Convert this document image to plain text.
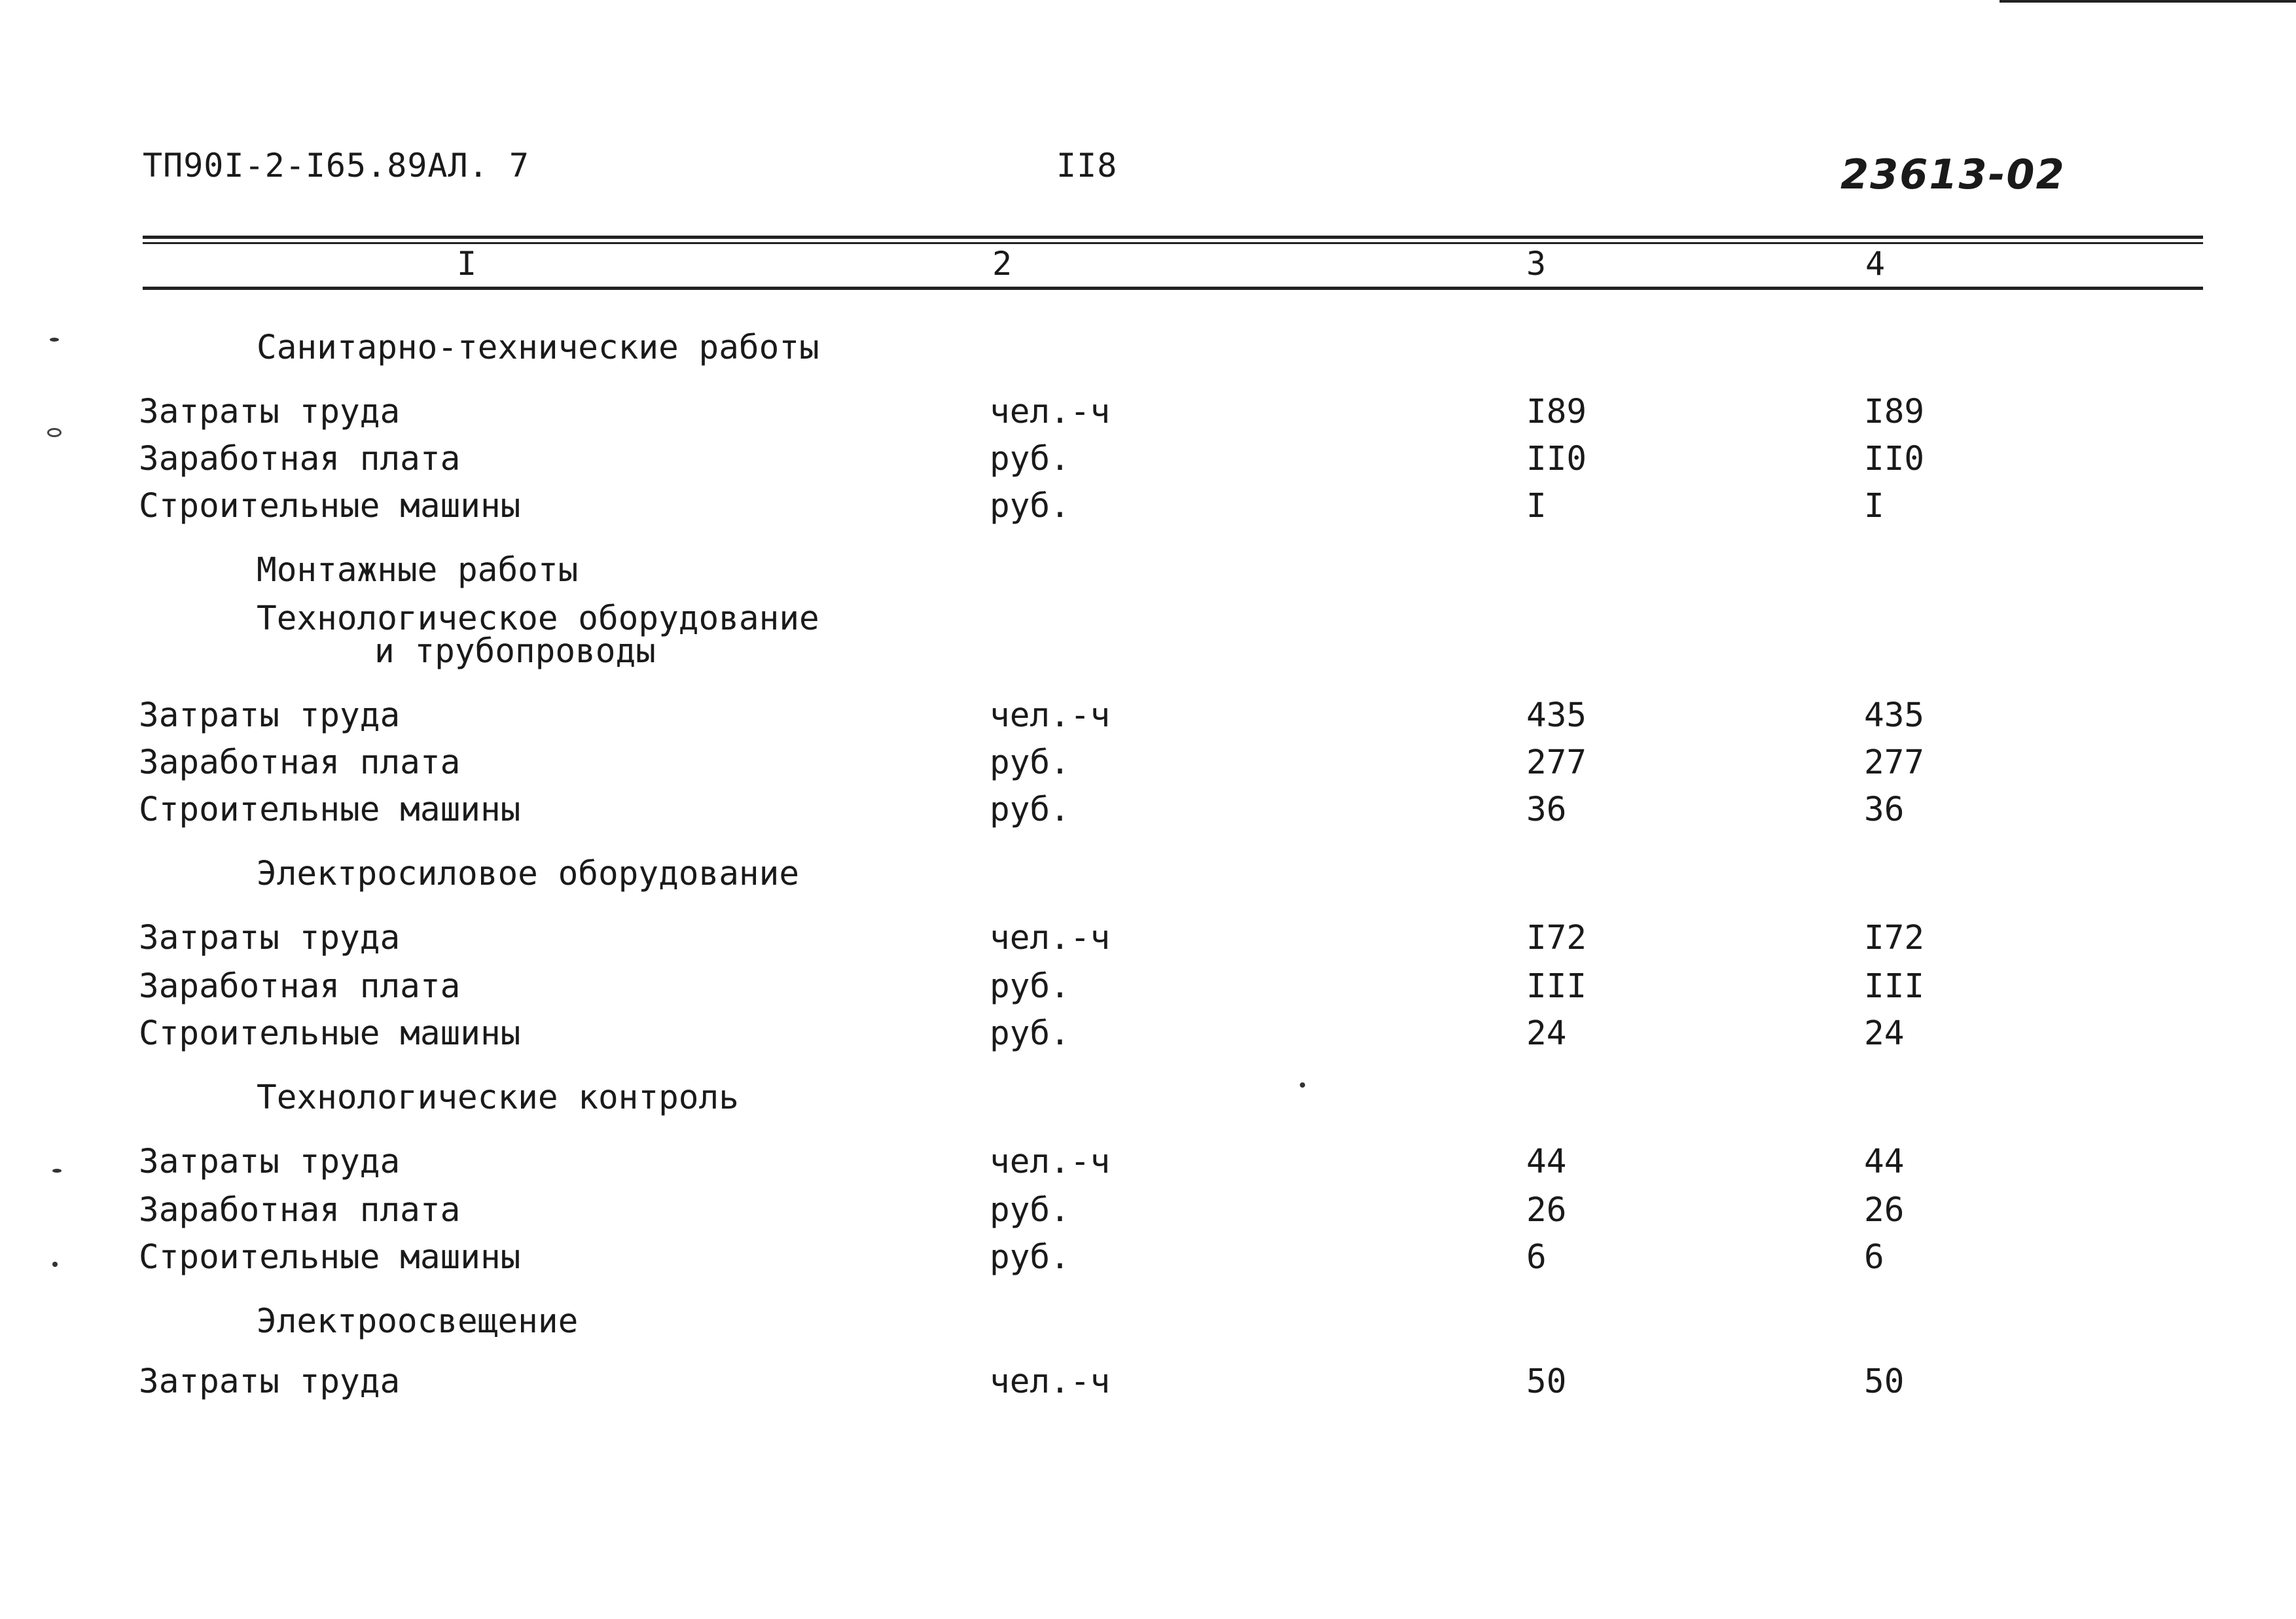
ТП90I-2-I65.89АЛ. 7	II8	23613-02
I	2	3	4
Санитарно-технические работы
Затраты труда	чел.-ч	I89	I89
Заработная плата	руб.	II0	II0
Строительные машины	руб.	I	I
Монтажные работы
Технологическое оборудование
и трубопроводы
Затраты труда	чел.-ч	435	435
Заработная плата	руб.	277	277
Строительные машины	руб.	36	36
Электросиловое оборудование
Затраты труда	чел.-ч	I72	I72
Заработная плата	руб.	III	III
Строительные машины	руб.	24	24
Технологические контроль
Затраты труда	чел.-ч	44	44
Заработная плата	руб.	26	26
Строительные машины	руб.	6	6
Электроосвещение
Затраты труда	чел.-ч	50	50
